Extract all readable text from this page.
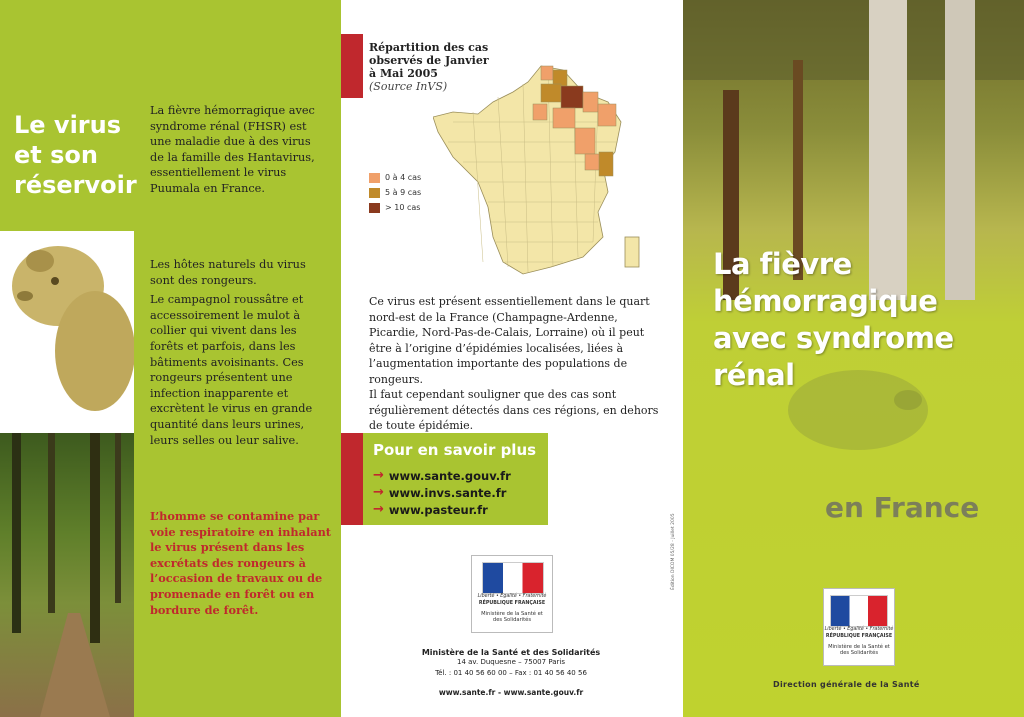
Le virus et son réservoir

La fièvre hémorragique avec syndrome rénal (FHSR) est une maladie due à des virus de la famille des Hantavirus, essentiellement le virus Puumala en France.

Les hôtes naturels du virus sont des rongeurs.

Le campagnol roussâtre et accessoirement le mulot à collier qui vivent dans les forêts et parfois, dans les bâtiments avoisinants. Ces rongeurs présentent une infection inapparente et excrètent le virus en grande quantité dans leurs urines, leurs selles ou leur salive.

L’homme se contamine par voie respiratoire en inhalant le virus présent dans les excrétats des rongeurs à l’occasion de travaux ou de promenade en forêt ou en bordure de forêt.

Répartition des cas observés de Janvier à Mai 2005
(Source InVS)
0 à 4 cas
5 à 9 cas
> 10 cas

Ce virus est présent essentiellement dans le quart nord-est de la France (Champagne-Ardenne, Picardie, Nord-Pas-de-Calais, Lorraine) où il peut être à l’origine d’épidémies localisées, liées à l’augmentation importante des populations de rongeurs.

Il faut cependant souligner que des cas sont régulièrement détectés dans ces régions, en dehors de toute épidémie.

Pour en savoir plus
→ www.sante.gouv.fr
→ www.invs.sante.fr
→ www.pasteur.fr
Liberté • Égalité • Fraternité
RÉPUBLIQUE FRANÇAISE
Ministère de la Santé et des Solidarités
Ministère de la Santé et des Solidarités
14 av. Duquesne – 75007 Paris
Tél. : 01 40 56 60 00 – Fax : 01 40 56 40 56
www.sante.fr - www.sante.gouv.fr
Édition DICOM 05/28 - Juillet 2005
La fièvre hémorragique avec syndrome rénal
en France
Liberté • Égalité • Fraternité
RÉPUBLIQUE FRANÇAISE
Ministère de la Santé et des Solidarités
Direction générale de la Santé
